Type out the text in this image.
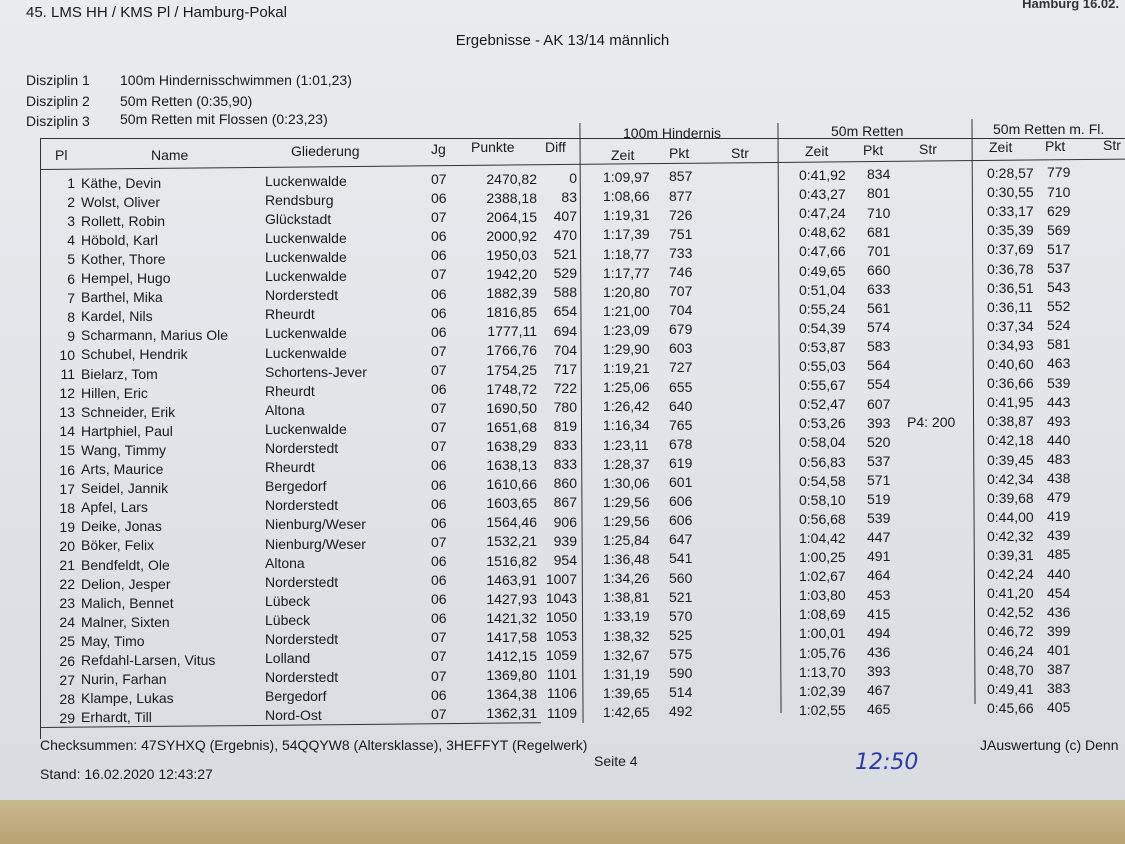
45. LMS HH / KMS Pl / Hamburg-Pokal
Hamburg 16.02.
Ergebnisse - AK 13/14 männlich
Disziplin 1 100m Hindernisschwimmen (1:01,23)
Disziplin 2 50m Retten (0:35,90)
Disziplin 3 50m Retten mit Flossen (0:23,23)
Pl	Name	Gliederung	Jg Punkte Diff
100m Hindernis
Zeit Pkt	Str
50m Retten
Zeit Pkt	Str
50m Retten m. Fl.
Zeit Pkt	Str
1 Käthe, Devin	Luckenwalde	07	2470,82	0 1:09,97	857	0:41,92	834	0:28,57 779
2 Wolst, Oliver	Rendsburg	06	2388,18	83 1:08,66	877	0:43,27	801	0:30,55 710
3 Rollett, Robin	Glückstadt	07	2064,15	407 1:19,31	726	0:47,24	710	0:33,17 629
4 Höbold, Karl	Luckenwalde	06	2000,92	470 1:17,39	751	0:48,62	681	0:35,39 569
5 Kother, Thore	Luckenwalde	06	1950,03	521 1:18,77	733	0:47,66	701	0:37,69 517
6 Hempel, Hugo	Luckenwalde	07	1942,20	529 1:17,77	746	0:49,65	660	0:36,78 537
7 Barthel, Mika	Norderstedt	06	1882,39	588 1:20,80	707	0:51,04	633	0:36,51 543
8 Kardel, Nils	Rheurdt	06	1816,85	654 1:21,00	704	0:55,24	561	0:36,11	552
9 Scharmann, Marius Ole	Luckenwalde	06	1777,11	694 1:23,09	679	0:54,39	574	0:37,34 524
10 Schubel, Hendrik	Luckenwalde	07	1766,76	704 1:29,90	603	0:53,87	583	0:34,93 581
11 Bielarz, Tom	Schortens-Jever	07	1754,25	717 1:19,21	727	0:55,03	564	0:40,60 463
12 Hillen, Eric	Rheurdt	06	1748,72	722 1:25,06	655	0:55,67	554	0:36,66 539
13 Schneider, Erik	Altona	07	1690,50	780 1:26,42	640	0:52,47	607	0:41,95 443
14 Hartphiel, Paul	Luckenwalde	07	1651,68	819 1:16,34	765	0:53,26	393	P4: 200	0:38,87 493
15 Wang, Timmy	Norderstedt	07	1638,29	833 1:23,11	678	0:58,04	520	0:42,18 440
16 Arts, Maurice	Rheurdt	06	1638,13	833 1:28,37	619	0:56,83	537	0:39,45 483
17 Seidel, Jannik	Bergedorf	06	1610,66	860 1:30,06	601	0:54,58	571	0:42,34 438
18 Apfel, Lars	Norderstedt	06	1603,65	867 1:29,56	606	0:58,10	519	0:39,68 479
19 Deike, Jonas	Nienburg/Weser	06	1564,46	906 1:29,56	606	0:56,68	539	0:44,00 419
20 Böker, Felix	Nienburg/Weser	07	1532,21	939 1:25,84	647	1:04,42	447	0:42,32 439
21 Bendfeldt, Ole	Altona	06	1516,82	954 1:36,48	541	1:00,25	491	0:39,31 485
22 Delion, Jesper	Norderstedt	06	1463,91 1007 1:34,26	560	1:02,67	464	0:42,24 440
23 Malich, Bennet	Lübeck	06	1427,93 1043 1:38,81	521	1:03,80	453	0:41,20 454
24 Malner, Sixten	Lübeck	06	1421,32 1050 1:33,19	570	1:08,69	415	0:42,52 436
25 May, Timo	Norderstedt	07	1417,58 1053 1:38,32	525	1:00,01	494	0:46,72 399
26 Refdahl-Larsen, Vitus	Lolland	07	1412,15 1059 1:32,67	575	1:05,76	436	0:46,24 401
27 Nurin, Farhan	Norderstedt	07	1369,80 1101 1:31,19	590	1:13,70	393	0:48,70 387
28 Klampe, Lukas	Bergedorf	06	1364,38 1106 1:39,65	514	1:02,39	467	0:49,41 383
29 Erhardt, Till	Nord-Ost	07	1362,31 1109 1:42,65	492	1:02,55	465	0:45,66 405
Checksummen: 47SYHXQ (Ergebnis), 54QQYW8 (Altersklasse), 3HEFFYT (Regelwerk)
Seite 4
JAuswertung (c) Denn
Stand: 16.02.2020 12:43:27	12:50
